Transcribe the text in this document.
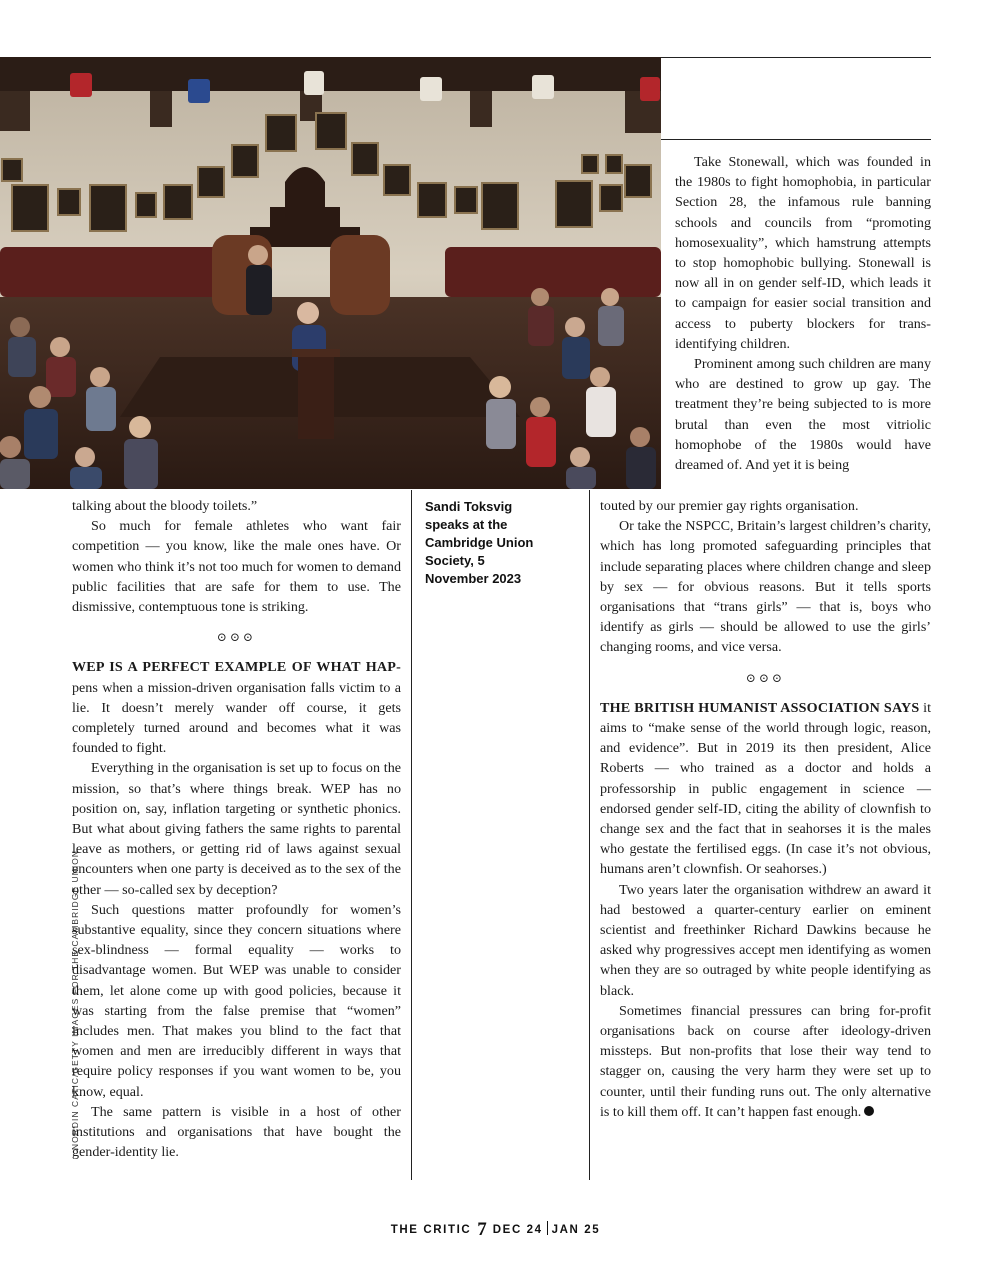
Sandi Toksvig speaks at the Cambridge Union Society, 5 November 2023
NORDIN CATIC/GETTY IMAGES FOR THE CAMBRIDGE UNION

talking about the bloody toilets.”

So much for female athletes who want fair competition — you know, like the male ones have. Or women who think it’s not too much for women to demand public facilities that are safe for them to use. The dismissive, contemptuous tone is striking.

⊙⊙⊙

WEP IS A PERFECT EXAMPLE OF WHAT HAP- pens when a mission-driven organisation falls victim to a lie. It doesn’t merely wander off course, it gets completely turned around and becomes what it was founded to fight.

Everything in the organisation is set up to focus on the mission, so that’s where things break. WEP has no position on, say, inflation targeting or synthetic phonics. But what about giving fathers the same rights to parental leave as mothers, or getting rid of laws against sexual encounters when one party is deceived as to the sex of the other — so-called sex by deception?

Such questions matter profoundly for women’s substantive equality, since they concern situations where sex-blindness — formal equality — works to disadvantage women. But WEP was unable to consider them, let alone come up with good policies, because it was starting from the false premise that “women” includes men. That makes you blind to the fact that women and men are irreducibly different in ways that require policy responses if you want women to be, you know, equal.

The same pattern is visible in a host of other institutions and organisations that have bought the gender-identity lie.

Take Stonewall, which was founded in the 1980s to fight homophobia, in particular Section 28, the infamous rule banning schools and councils from “promoting homosexuality”, which hamstrung attempts to stop homophobic bullying. Stonewall is now all in on gender self-ID, which leads it to campaign for easier social transition and access to puberty blockers for trans-identifying children.

Prominent among such children are many who are destined to grow up gay. The treatment they’re being subjected to is more brutal than even the most vitriolic homophobe of the 1980s would have dreamed of. And yet it is being

touted by our premier gay rights organisation.

Or take the NSPCC, Britain’s largest children’s charity, which has long promoted safeguarding principles that include separating places where children change and sleep by sex — for obvious reasons. But it tells sports organisations that “trans girls” — that is, boys who identify as girls — should be allowed to use the girls’ changing rooms, and vice versa.

⊙⊙⊙

THE BRITISH HUMANIST ASSOCIATION SAYS it aims to “make sense of the world through logic, reason, and evidence”. But in 2019 its then president, Alice Roberts — who trained as a doctor and holds a professorship in public engagement in science — endorsed gender self-ID, citing the ability of clownfish to change sex and the fact that in seahorses it is the males who gestate the fertilised eggs. (In case it’s not obvious, humans aren’t clownfish. Or seahorses.)

Two years later the organisation withdrew an award it had bestowed a quarter-century earlier on eminent scientist and freethinker Richard Dawkins because he asked why progressives accept men identifying as women when they are so outraged by white people identifying as black.

Sometimes financial pressures can bring for-profit organisations back on course after ideology-driven missteps. But non-profits that lose their way tend to stagger on, causing the very harm they were set up to counter, until their funding runs out. The only alternative is to kill them off. It can’t happen fast enough.

THE CRITIC 7 DEC 24 JAN 25
